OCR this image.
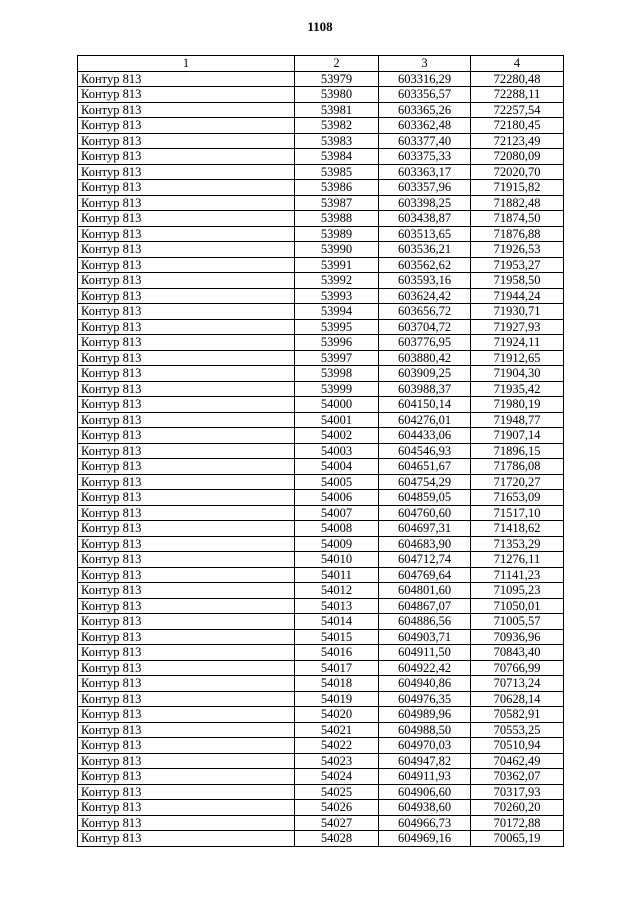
1108
1	2	3	4
Контур 813	53979	603316,29	72280,48
Контур 813	53980	603356,57	72288,11
Контур 813	53981	603365,26	72257,54
Контур 813	53982	603362,48	72180,45
Контур 813	53983	603377,40	72123,49
Контур 813	53984	603375,33	72080,09
Контур 813	53985	603363,17	72020,70
Контур 813	53986	603357,96	71915,82
Контур 813	53987	603398,25	71882,48
Контур 813	53988	603438,87	71874,50
Контур 813	53989	603513,65	71876,88
Контур 813	53990	603536,21	71926,53
Контур 813	53991	603562,62	71953,27
Контур 813	53992	603593,16	71958,50
Контур 813	53993	603624,42	71944,24
Контур 813	53994	603656,72	71930,71
Контур 813	53995	603704,72	71927,93
Контур 813	53996	603776,95	71924,11
Контур 813	53997	603880,42	71912,65
Контур 813	53998	603909,25	71904,30
Контур 813	53999	603988,37	71935,42
Контур 813	54000	604150,14	71980,19
Контур 813	54001	604276,01	71948,77
Контур 813	54002	604433,06	71907,14
Контур 813	54003	604546,93	71896,15
Контур 813	54004	604651,67	71786,08
Контур 813	54005	604754,29	71720,27
Контур 813	54006	604859,05	71653,09
Контур 813	54007	604760,60	71517,10
Контур 813	54008	604697,31	71418,62
Контур 813	54009	604683,90	71353,29
Контур 813	54010	604712,74	71276,11
Контур 813	54011	604769,64	71141,23
Контур 813	54012	604801,60	71095,23
Контур 813	54013	604867,07	71050,01
Контур 813	54014	604886,56	71005,57
Контур 813	54015	604903,71	70936,96
Контур 813	54016	604911,50	70843,40
Контур 813	54017	604922,42	70766,99
Контур 813	54018	604940,86	70713,24
Контур 813	54019	604976,35	70628,14
Контур 813	54020	604989,96	70582,91
Контур 813	54021	604988,50	70553,25
Контур 813	54022	604970,03	70510,94
Контур 813	54023	604947,82	70462,49
Контур 813	54024	604911,93	70362,07
Контур 813	54025	604906,60	70317,93
Контур 813	54026	604938,60	70260,20
Контур 813	54027	604966,73	70172,88
Контур 813	54028	604969,16	70065,19
